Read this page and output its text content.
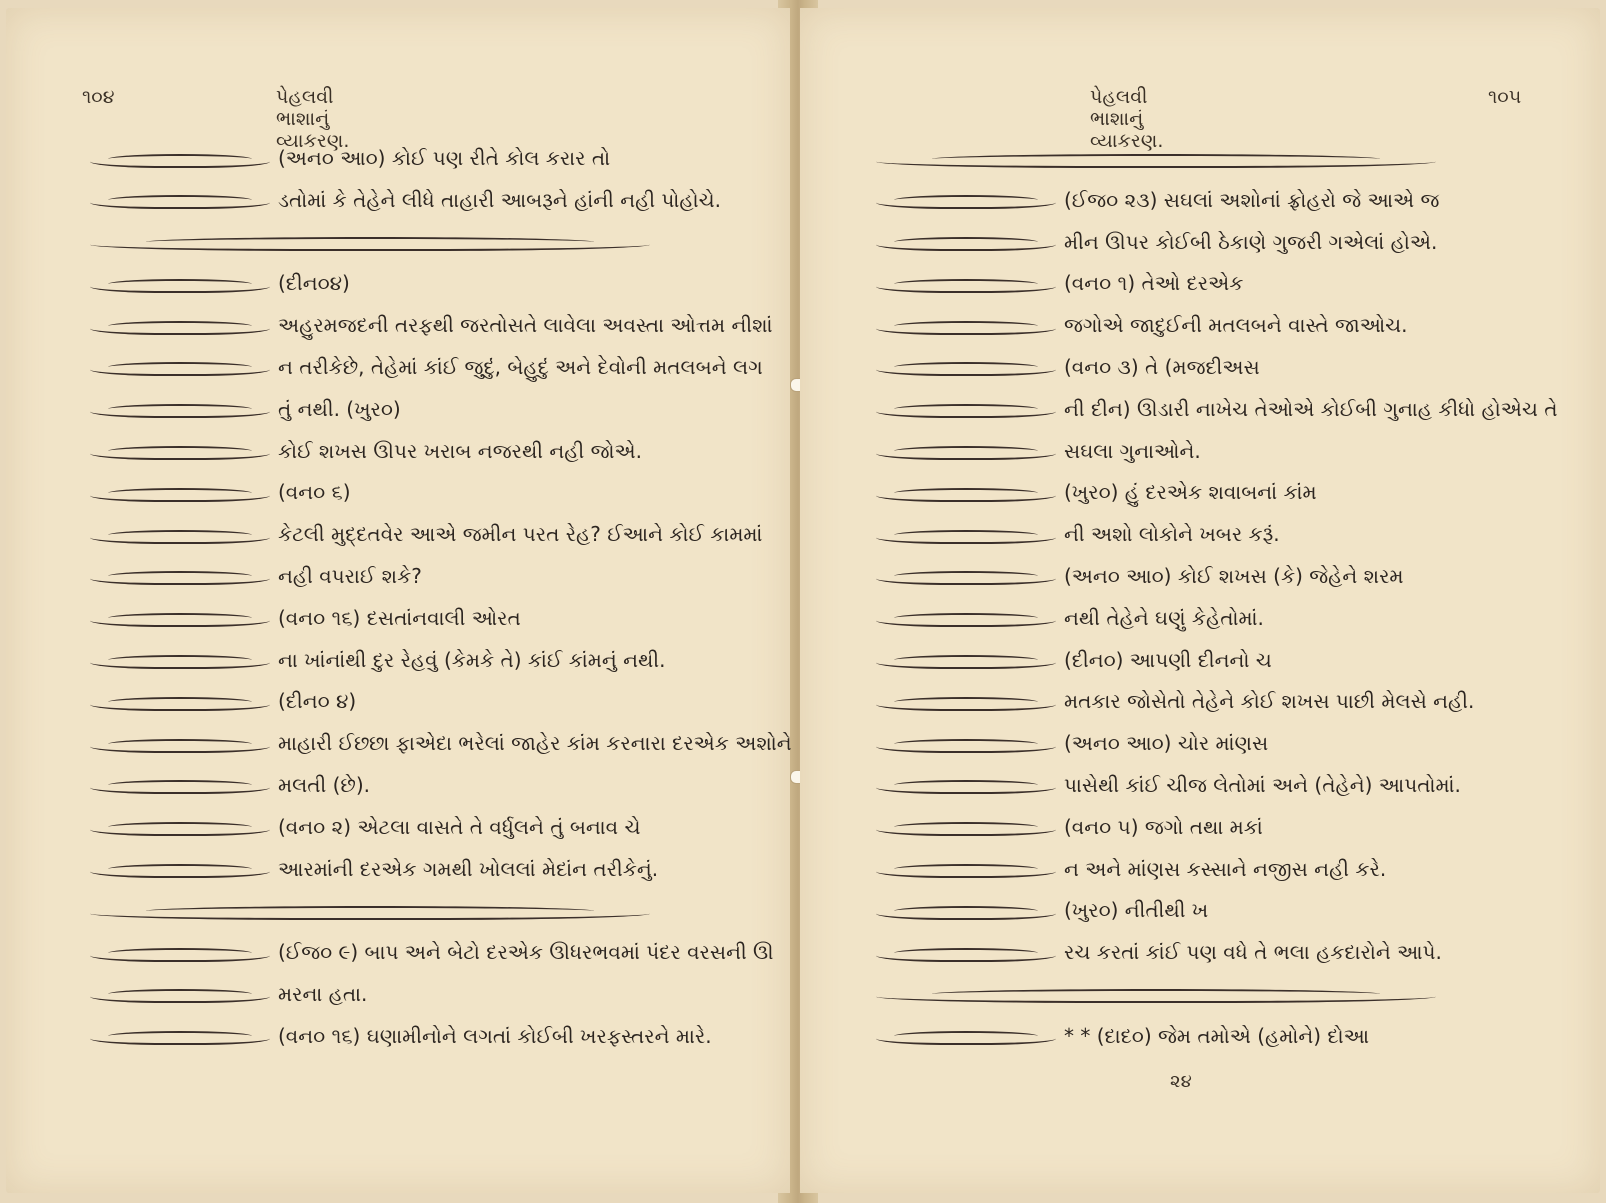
૧૦૪	પેહલવી ભાશાનું વ્યાકરણ.
(અન૦ આ૦) કોઈ પણ રીતે કોલ કરાર તો
ડતોમાં કે તેહેને લીધે તાહારી આબરૂને હાંની નહી પોહોચે.
(દીન૦૪)
અહુરમજદની તરફથી જરતોસતે લાવેલા અવસ્તા ઓત્તમ નીશાં
ન તરીકેછે, તેહેમાં કાંઈ જુદું, બેહુદું અને દેવોની મતલબને લગ
તું નથી. (ખુર૦)
કોઈ શખસ ઊપર ખરાબ નજરથી નહી જોએ.
(વન૦ ૬)
કેટલી મુદ્દતવેર આએ જમીન પરત રેહ? ઈઆને કોઈ કામમાં
નહી વપરાઈ શકે?
(વન૦ ૧૬) દસતાંનવાલી ઓરત
ના ખાંનાંથી દુર રેહવું (કેમકે તે) કાંઈ કાંમનું નથી.
(દીન૦ ૪)
માહારી ઈછ્છા ફાએદા ભરેલાં જાહેર કાંમ કરનારા દરએક અશોને
મલતી (છે).
(વન૦ ૨) એટલા વાસતે તે વર્ધુલને તું બનાવ ચે
આરમાંની દરએક ગમથી ખોલલાં મેદાંન તરીકેનું.
(ઈજ૦ ૯) બાપ અને બેટો દરએક ઊધરભવમાં પંદર વરસની ઊ
મરના હતા.
(વન૦ ૧૬) ઘણામીનોને લગતાં કોઈબી ખરફસ્તરને મારે.
પેહલવી ભાશાનું વ્યાકરણ.
૧૦૫
(ઈજ૦ ૨૩) સઘલાં અશોનાં ફ્રોહરો જે આએ જ
મીન ઊપર કોઈબી ઠેકાણે ગુજરી ગએલાં હોએ.
(વન૦ ૧) તેઓ દરએક
જગોએ જાદુઈની મતલબને વાસ્તે જાઓચ.
(વન૦ ૩) તે (મજદીઅસ
ની દીન) ઊડારી નાખેચ તેઓએ કોઈબી ગુનાહ કીધો હોએચ તે
સઘલા ગુનાઓને.
(ખુર૦) હું દરએક શવાબનાં કાંમ
ની અશો લોકોને ખબર કરૂં.
(અન૦ આ૦) કોઈ શખસ (કે) જેહેને શરમ
નથી તેહેને ઘણું કેહેતોમાં.
(દીન૦) આપણી દીનનો ચ
મતકાર જોસેતો તેહેને કોઈ શખસ પાછી મેલસે નહી.
(અન૦ આ૦) ચોર માંણસ
પાસેથી કાંઈ ચીજ લેતોમાં અને (તેહેને) આપતોમાં.
(વન૦ ૫) જગો તથા મકાં
ન અને માંણસ કસ્સાને નજીસ નહી કરે.
(ખુર૦) નીતીથી ખ
રચ કરતાં કાંઈ પણ વધે તે ભલા હકદારોને આપે.
* * (દાદ૦) જેમ તમોએ (હમોને) દોઆ
૨૪
